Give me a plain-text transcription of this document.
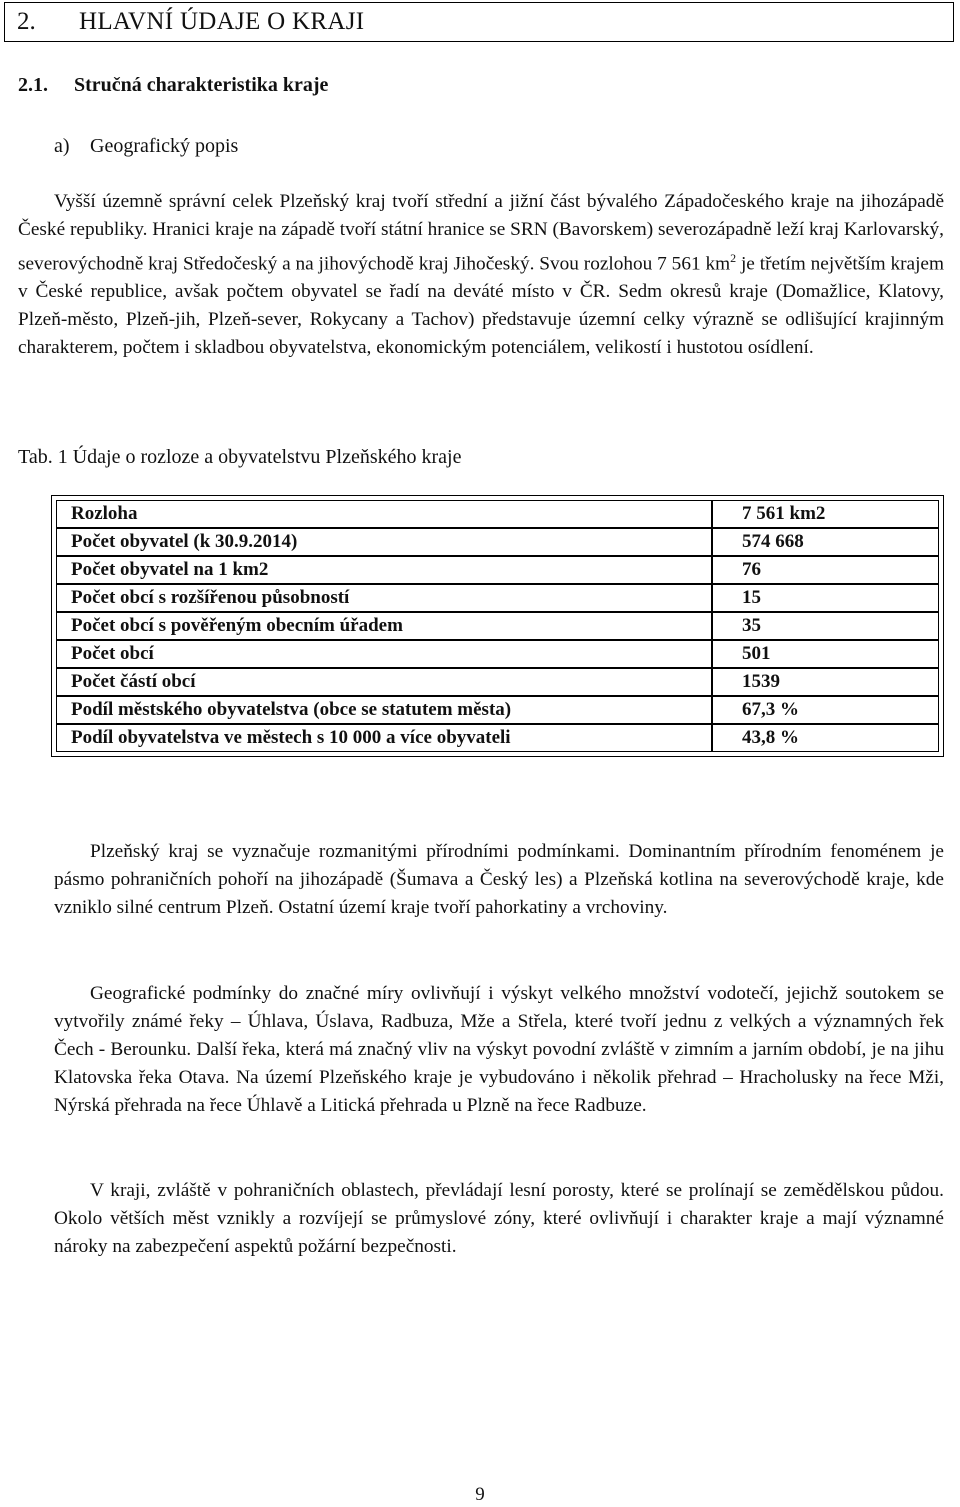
2. HLAVNÍ ÚDAJE O KRAJI
2.1. Stručná charakteristika kraje
a) Geografický popis

Vyšší územně správní celek Plzeňský kraj tvoří střední a jižní část bývalého Západočeského kraje na jihozápadě České republiky. Hranici kraje na západě tvoří státní hranice se SRN (Bavorskem) severozápadně leží kraj Karlovarský, severovýchodně kraj Středočeský a na jihovýchodě kraj Jihočeský. Svou rozlohou 7 561 $km^2$ je třetím největším krajem v České republice, avšak počtem obyvatel se řadí na deváté místo v ČR. Sedm okresů kraje (Domažlice, Klatovy, Plzeň-město, Plzeň-jih, Plzeň-sever, Rokycany a Tachov) představuje územní celky výrazně se odlišující krajinným charakterem, počtem i skladbou obyvatelstva, ekonomickým potenciálem, velikostí i hustotou osídlení.

Tab. 1 Údaje o rozloze a obyvatelstvu Plzeňského kraje
Rozloha	7 561 km2
Počet obyvatel (k 30.9.2014)	574 668
Počet obyvatel na 1 km2	76
Počet obcí s rozšířenou působností	15
Počet obcí s pověřeným obecním úřadem	35
Počet obcí	501
Počet částí obcí	1539
Podíl městského obyvatelstva (obce se statutem města)	67,3 %
Podíl obyvatelstva ve městech s 10 000 a více obyvateli	43,8 %

Plzeňský kraj se vyznačuje rozmanitými přírodními podmínkami. Dominantním přírodním fenoménem je pásmo pohraničních pohoří na jihozápadě (Šumava a Český les) a Plzeňská kotlina na severovýchodě kraje, kde vzniklo silné centrum Plzeň. Ostatní území kraje tvoří pahorkatiny a vrchoviny.

Geografické podmínky do značné míry ovlivňují i výskyt velkého množství vodotečí, jejichž soutokem se vytvořily známé řeky – Úhlava, Úslava, Radbuza, Mže a Střela, které tvoří jednu z velkých a významných řek Čech - Berounku. Další řeka, která má značný vliv na výskyt povodní zvláště v zimním a jarním období, je na jihu Klatovska řeka Otava. Na území Plzeňského kraje je vybudováno i několik přehrad – Hracholusky na řece Mži, Nýrská přehrada na řece Úhlavě a Litická přehrada u Plzně na řece Radbuze.

V kraji, zvláště v pohraničních oblastech, převládají lesní porosty, které se prolínají se zemědělskou půdou. Okolo větších měst vznikly a rozvíjejí se průmyslové zóny, které ovlivňují i charakter kraje a mají významné nároky na zabezpečení aspektů požární bezpečnosti.

9
